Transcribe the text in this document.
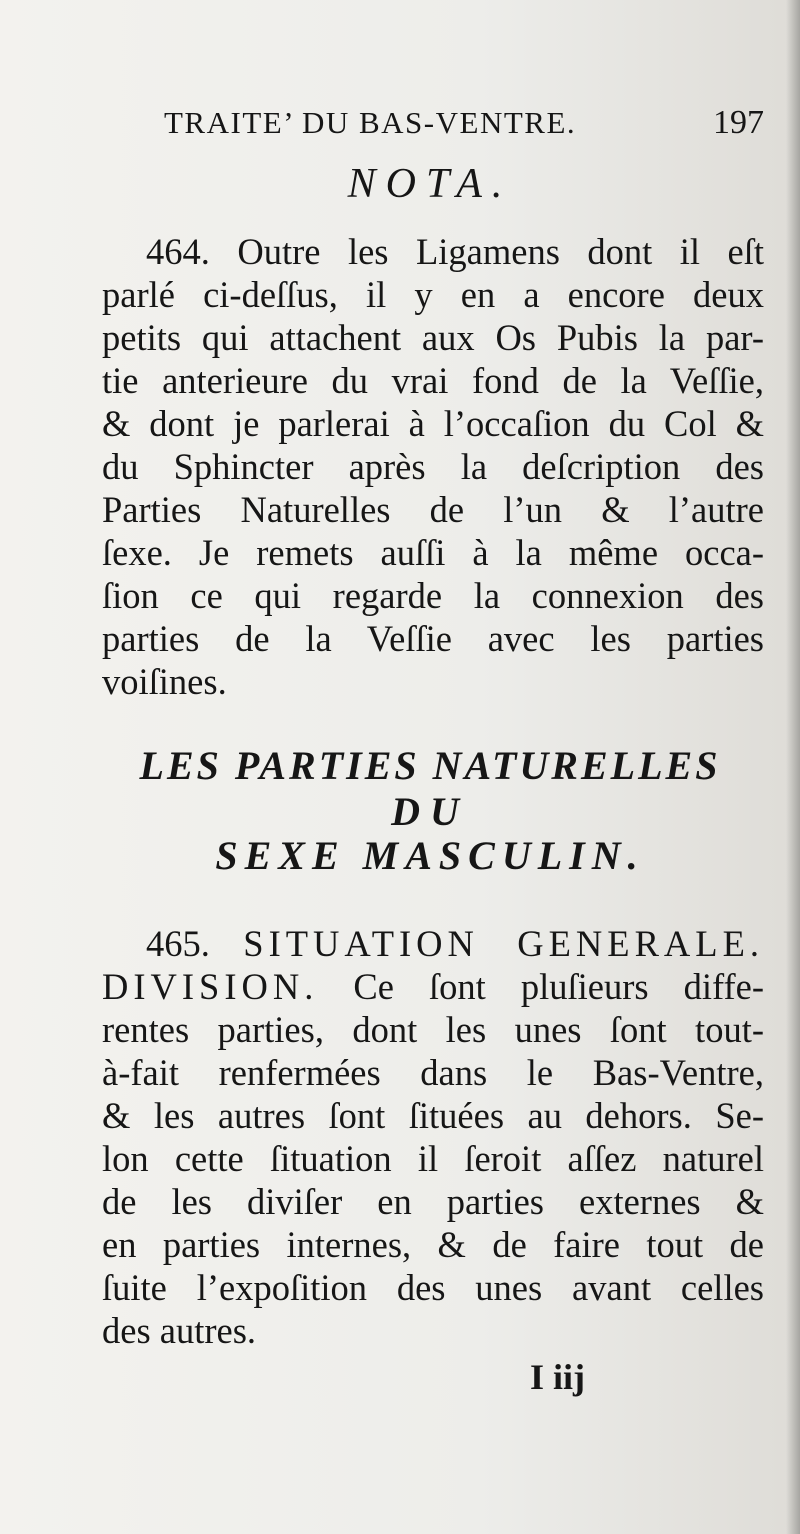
TRAITE’ DU BAS-VENTRE.	197
NOTA.
464. Outre les Ligamens dont il eſt
parlé ci-deſſus, il y en a encore deux
petits qui attachent aux Os Pubis la par-
tie anterieure du vrai fond de la Veſſie,
& dont je parlerai à l’occaſion du Col &
du Sphincter après la deſcription des
Parties Naturelles de l’un & l’autre
ſexe. Je remets auſſi à la même occa-
ſion ce qui regarde la connexion des
parties de la Veſſie avec les parties
voiſines.
LES PARTIES NATURELLES
DU
SEXE MASCULIN.
465. SITUATION GENERALE.
DIVISION. Ce ſont pluſieurs diffe-
rentes parties, dont les unes ſont tout-
à-fait renfermées dans le Bas-Ventre,
& les autres ſont ſituées au dehors. Se-
lon cette ſituation il ſeroit aſſez naturel
de les diviſer en parties externes &
en parties internes, & de faire tout de
ſuite l’expoſition des unes avant celles
des autres.
I iij
